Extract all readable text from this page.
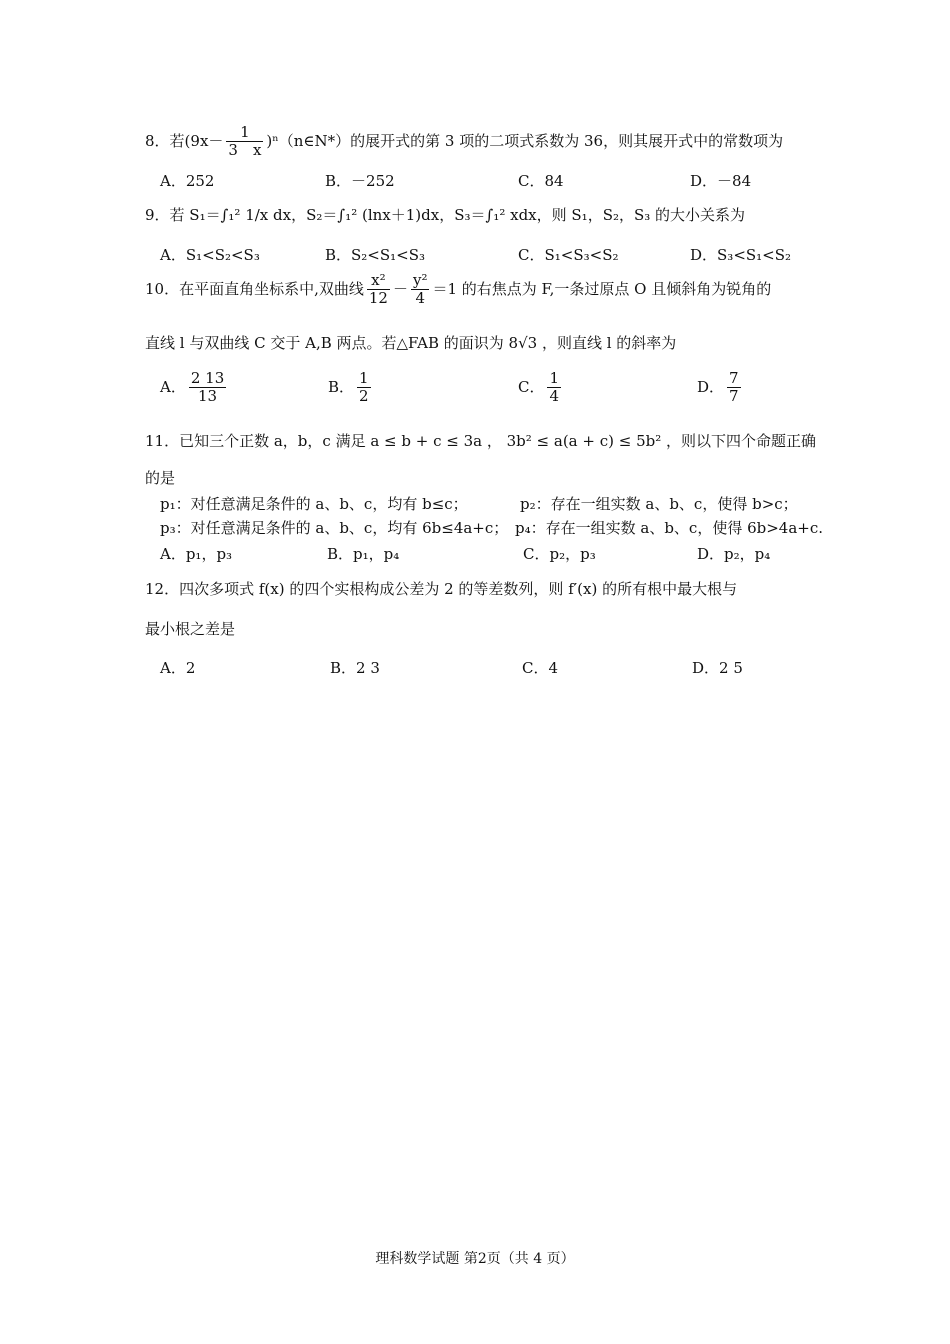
8．若($9x- \frac{1}{3 x}$ )ⁿ（n∈N*）的展开式的第 3 项的二项式系数为 36，则其展开式中的常数项为
A．252	B．－252	C．84	D．－84
9．若 S₁＝∫₁² 1/x dx，S₂＝∫₁² (lnx＋1)dx，S₃＝∫₁² xdx，则 S₁，S₂，S₃ 的大小关系为
A．S₁<S₂<S₃	B．S₂<S₁<S₃	C．S₁<S₃<S₂	D．S₃<S₁<S₂
10．在平面直角坐标系中,双曲线 $\frac{\text{x²}}{12} - \frac{\text{y²}}{4} =1$ 的右焦点为 F,一条过原点 O 且倾斜角为锐角的
直线 l 与双曲线 C 交于 A,B 两点。若△FAB 的面识为 8√3 ，则直线 l 的斜率为
A． $\frac{2 13}{13}$	B． $\frac{1}{2}$	C． $\frac{1}{4}$	D． $\frac{7}{7}$
11．已知三个正数 a，b，c 满足 a ≤ b + c ≤ 3a ， 3b² ≤ a(a + c) ≤ 5b² ，则以下四个命题正确
的是
p₁：对任意满足条件的 a、b、c，均有 b≤c；	p₂：存在一组实数 a、b、c，使得 b>c；
p₃：对任意满足条件的 a、b、c，均有 6b≤4a+c； p₄：存在一组实数 a、b、c，使得 6b>4a+c.
A．p₁，p₃	B．p₁，p₄	C．p₂，p₃	D．p₂，p₄
12．四次多项式 f(x) 的四个实根构成公差为 2 的等差数列，则 f′(x) 的所有根中最大根与
最小根之差是
A．2	B．2 3	C．4	D．2 5
理科数学试题 第2页（共 4 页）
